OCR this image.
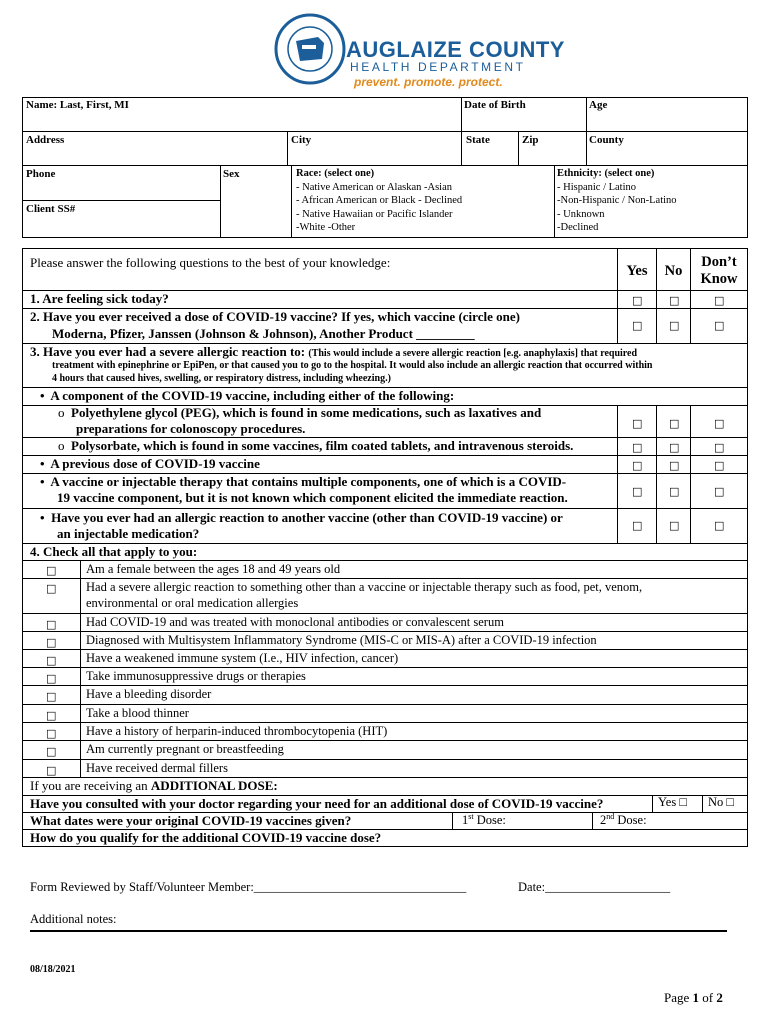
AUGLAIZE COUNTY
HEALTH DEPARTMENT
prevent. promote. protect.
Name: Last, First, MI	Date of Birth	Age
Address	City	State	Zip	County
Phone	Sex
Client SS#
Race: (select one)
- Native American or Alaskan -Asian
- African American or Black - Declined
- Native Hawaiian or Pacific Islander
-White -Other
Ethnicity: (select one)
- Hispanic / Latino
-Non-Hispanic / Non-Latino
- Unknown
-Declined
Please answer the following questions to the best of your knowledge:
Yes	No
Don’t
Know
1. Are feeling sick today?	□ □	□
2. Have you ever received a dose of COVID-19 vaccine? If yes, which vaccine (circle one)
Moderna, Pfizer, Janssen (Johnson & Johnson), Another Product _________
□ □	□
3. Have you ever had a severe allergic reaction to: (This would include a severe allergic reaction [e.g. anaphylaxis] that required
treatment with epinephrine or EpiPen, or that caused you to go to the hospital. It would also include an allergic reaction that occurred within
4 hours that caused hives, swelling, or respiratory distress, including wheezing.)
• A component of the COVID-19 vaccine, including either of the following:
o Polyethylene glycol (PEG), which is found in some medications, such as laxatives and
preparations for colonoscopy procedures.	□ □	□
o Polysorbate, which is found in some vaccines, film coated tablets, and intravenous steroids.	□ □	□
• A previous dose of COVID-19 vaccine	□ □	□
• A vaccine or injectable therapy that contains multiple components, one of which is a COVID-
19 vaccine component, but it is not known which component elicited the immediate reaction.	□ □	□
• Have you ever had an allergic reaction to another vaccine (other than COVID-19 vaccine) or
an injectable medication?
□ □	□
4. Check all that apply to you:
□ Am a female between the ages 18 and 49 years old
□ Had a severe allergic reaction to something other than a vaccine or injectable therapy such as food, pet, venom,
environmental or oral medication allergies
□ Had COVID-19 and was treated with monoclonal antibodies or convalescent serum
□ Diagnosed with Multisystem Inflammatory Syndrome (MIS-C or MIS-A) after a COVID-19 infection
□ Have a weakened immune system (I.e., HIV infection, cancer)
□ Take immunosuppressive drugs or therapies
□ Have a bleeding disorder
□ Take a blood thinner
□ Have a history of herparin-induced thrombocytopenia (HIT)
□ Am currently pregnant or breastfeeding
□ Have received dermal fillers
If you are receiving an ADDITIONAL DOSE:
Have you consulted with your doctor regarding your need for an additional dose of COVID-19 vaccine?	Yes □ No □
What dates were your original COVID-19 vaccines given?	1st Dose:	2nd Dose:
How do you qualify for the additional COVID-19 vaccine dose?
Form Reviewed by Staff/Volunteer Member:__________________________________	Date:____________________
Additional notes:
08/18/2021
Page 1 of 2
